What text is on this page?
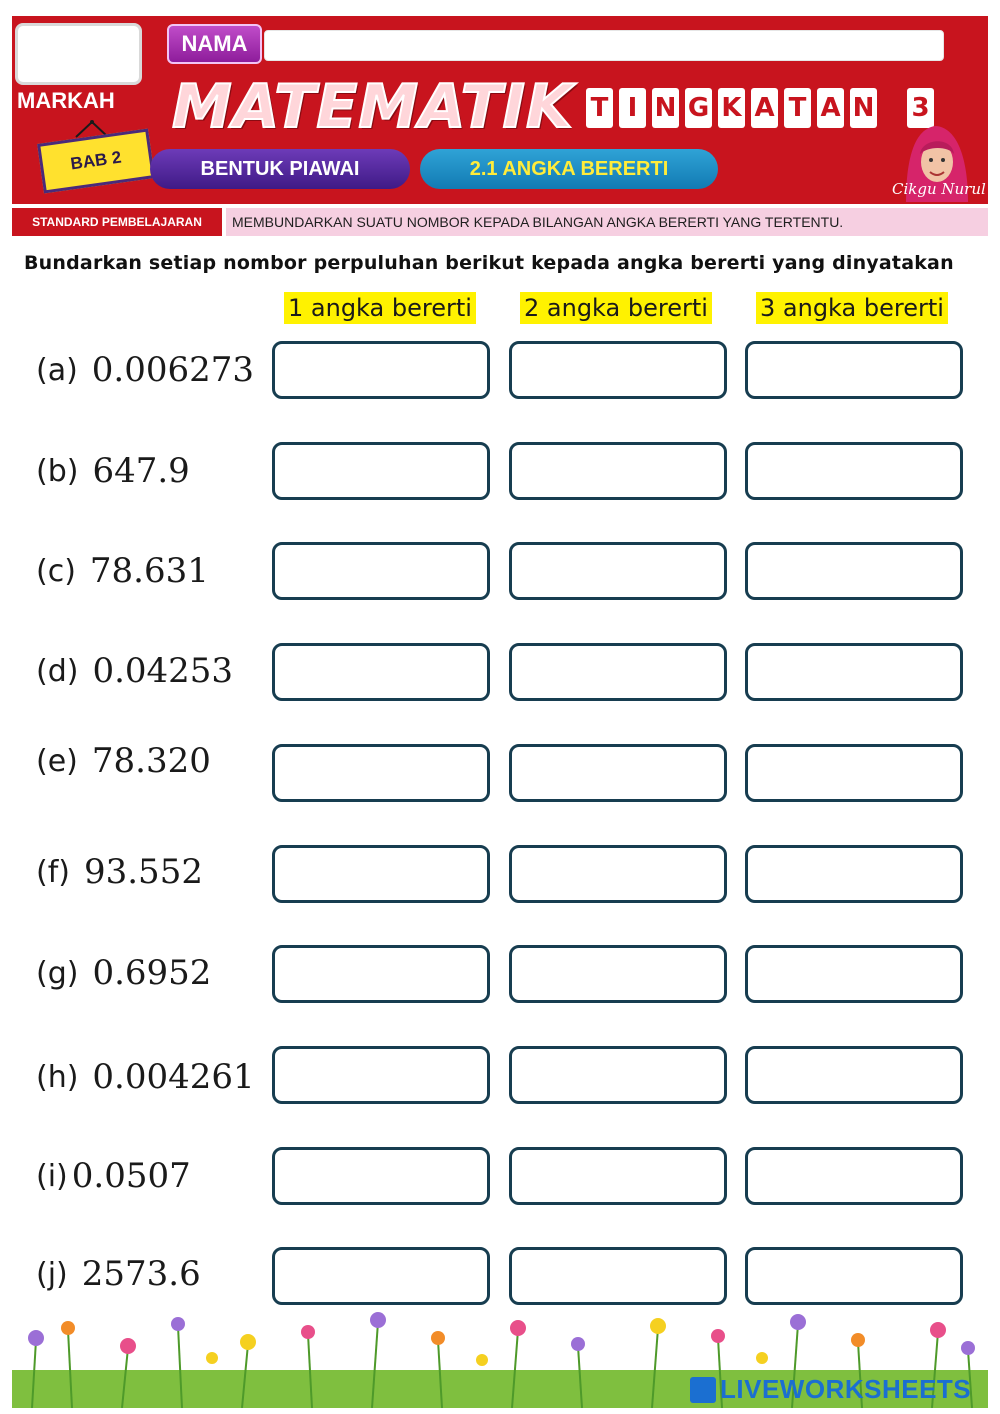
MARKAH
NAMA
MATEMATIK T I N G K A T A N 3
BAB 2	BENTUK PIAWAI	2.1 ANGKA BERERTI
Cikgu Nurul
STANDARD PEMBELAJARAN	MEMBUNDARKAN SUATU NOMBOR KEPADA BILANGAN ANGKA BERERTI YANG TERTENTU.
Bundarkan setiap nombor perpuluhan berikut kepada angka bererti yang dinyatakan
1 angka bererti 2 angka bererti 3 angka bererti
(a) 0.006273
(b) 647.9
(c) 78.631
(d) 0.04253
(e) 78.320
(f) 93.552
(g) 0.6952
(h) 0.004261
(i) 0.0507
(j) 2573.6
LIVEWORKSHEETS
